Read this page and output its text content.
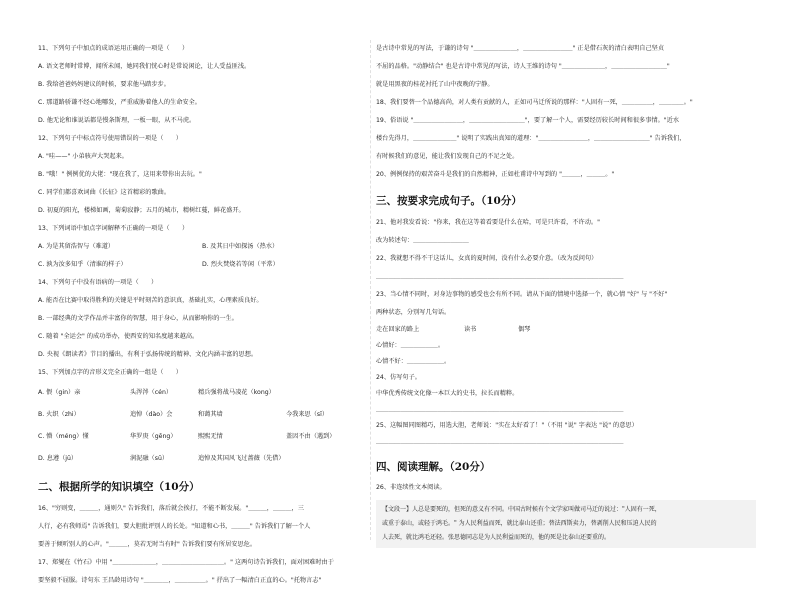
11、下列句子中加点的成语运用正确的一项是（　　）
A. 语文老师时常博，闻所未闻，她同我们恍心时是常说闲论，让人受益匪浅。
B. 我给爸爸妈妈建议的时候，要求他马踏步步。
C. 那道路骄谦不经心地哪发，严重威胁着他人的生命安全。
D. 他无论和谁说话都是慢条斯理，一板一眼，从不马虎。
12、下列句子中标点符号使用错误的一项是（　　）
A. "哇——" 小弟骇声大哭起来。
B. "哦！" 例例优的大佬："现在我了，这用来带你出去玩。"
C. 同学们都喜欢词曲《长征》这首精彩的歌曲。
D. 初夏的阳光，楼梯如画，菊菊寂静；五月的城市，精树红蔓，鲜花盛开。
13、下列词语中加点字词解释不正确的一项是（　　）
A. 为是其留浩智与（难道）	B. 及其日中如探汤（热水）
C. 孰为汝多知乎（清谁的样子）	D. 烈火焚烧若等闲（平常）
14、下列句子中没有语病的一项是（　　）
A. 能否在比赛中取得胜利的关键是平时刻苦的意识真，基础扎实，心理素质良好。
B. 一部经典的文学作品并丰富你的智慧，用于身心，从而影响你的一生。
C. 随着 "全运会" 的成功举办，使西安的知名度越来越高。
D. 央视《朗读者》节目的播出，有利于弘扬传统的精神、文化内涵丰富的思想。
15、下列加点字的音形义完全正确的一组是（　　）
A. 偎（gin）亲	头涔涔（cén）	精兵强将战马凌花（kong）
B. 火织（zhi）	追悼（dào）会	和蔼其墙	今我来思（sī）
C. 懵（méng）懂	华罗庚（gēng）	熙熙无情	盖因不由（遇到）
D. 息遵（jū）	润泥融（sū）	追悼及其国风飞过蔷薇（先借）
二、根据所学的知识填空（10分）
16、"穷则变，＿＿＿，通则久" 告诉我们，落后就会挨打，不能不断发展。"＿＿＿，＿＿＿，三
人行，必有我师焉" 告诉我们，要大胆批评别人的长处。"知道和心书，＿＿＿" 告诉我们了解一个人
要善于倾听别人的心声。"＿＿＿，莫若无时当有时" 告诉我们要有所居安思危。
17、郑燮在《竹石》中用 "＿＿＿＿＿＿＿，＿＿＿＿＿＿＿＿＿＿。" 这两句诗告诉我们，面对困难时由于
要坚毅不屈服。诗句东 王昌龄用诗句 "＿＿＿＿，＿＿＿＿＿。" 抒出了一幅清白正直的心。"托物言志"
是古诗中常见的写法，于谦的诗句 "＿＿＿＿＿＿＿，＿＿＿＿＿＿＿＿" 正是借石灰的清白表明自己坚贞
不屈的品格。"动静结合" 也是古诗中常见的写法，诗人王维的诗句 "＿＿＿＿＿＿＿，＿＿＿＿＿＿＿＿＿"
就是用黑夜的桂花衬托了山中夜晚的宁静。
18、我们要替一个品德高尚，对人类有贡献的人，正如司马迁所说的那样："人固有一死，＿＿＿＿＿，＿＿＿＿。"
19、俗语说 "＿＿＿＿＿＿＿＿，＿＿＿＿＿＿＿＿＿"，要了解一个人，需要经历较长时间和很多事情。"近水
楼台先得月，＿＿＿＿＿＿＿" 说明了实践出真知的道理："＿＿＿＿＿＿＿＿，＿＿＿＿＿＿＿＿＿" 告诉我们，
有时候我们的意见，能让我们发现自己的不足之处。
20、例例保持的艰苦奋斗是我们的自然精神，正如杜甫诗中写到的 "＿＿＿，＿＿＿。"
三、按要求完成句子。（10分）
21、他对我发看说："你来，我在这等着看要是什么在哈，可是只许看，不许动。"
改为转述句：＿＿＿＿＿＿＿＿＿
22、我就想不得不干这话儿，女真的夏时间，没有什么必要介意。（改为反问句）
＿＿＿＿＿＿＿＿＿＿＿＿＿＿＿＿＿＿＿＿＿＿＿＿＿＿＿＿＿＿＿＿＿＿＿＿＿＿＿＿
23、当心情不同时，对身边事物的感受也会有所不同。请从下面的情境中选择一个，就心情 "好" 与 "不好"
两种状态，分别写几句话。
走在回家的路上	读书	偶琴
心情好：＿＿＿＿＿＿。
心情不好：＿＿＿＿＿＿。
24、仿写句子。
中华优秀传统文化像一本巨大的史书，拉长而精粹。
＿＿＿＿＿＿＿＿＿＿＿＿＿＿＿＿＿＿＿＿＿＿＿＿＿＿＿＿＿＿＿＿＿＿＿＿＿＿＿＿
25、这幅图同图精巧，用选大胆，老师说："实在太好看了！"（不用 "说" 字表达 "说" 的意思）
＿＿＿＿＿＿＿＿＿＿＿＿＿＿＿＿＿＿＿＿＿＿＿＿＿＿＿＿＿＿＿＿＿＿＿＿＿＿＿＿
四、阅读理解。（20分）
26、非连续性文本阅读。
【文段一】人总是要死的，但死的意义有不同。中国古时候有个文学家叫做司马迁的说过："人固有一死，
或重于泰山，或轻于鸿毛。" 为人民利益而死，就比泰山还重；替法西斯卖力，替剥削人民和压迫人民的
人去死，就比鸿毛还轻。张思德同志是为人民利益而死的，他的死是比泰山还要重的。
